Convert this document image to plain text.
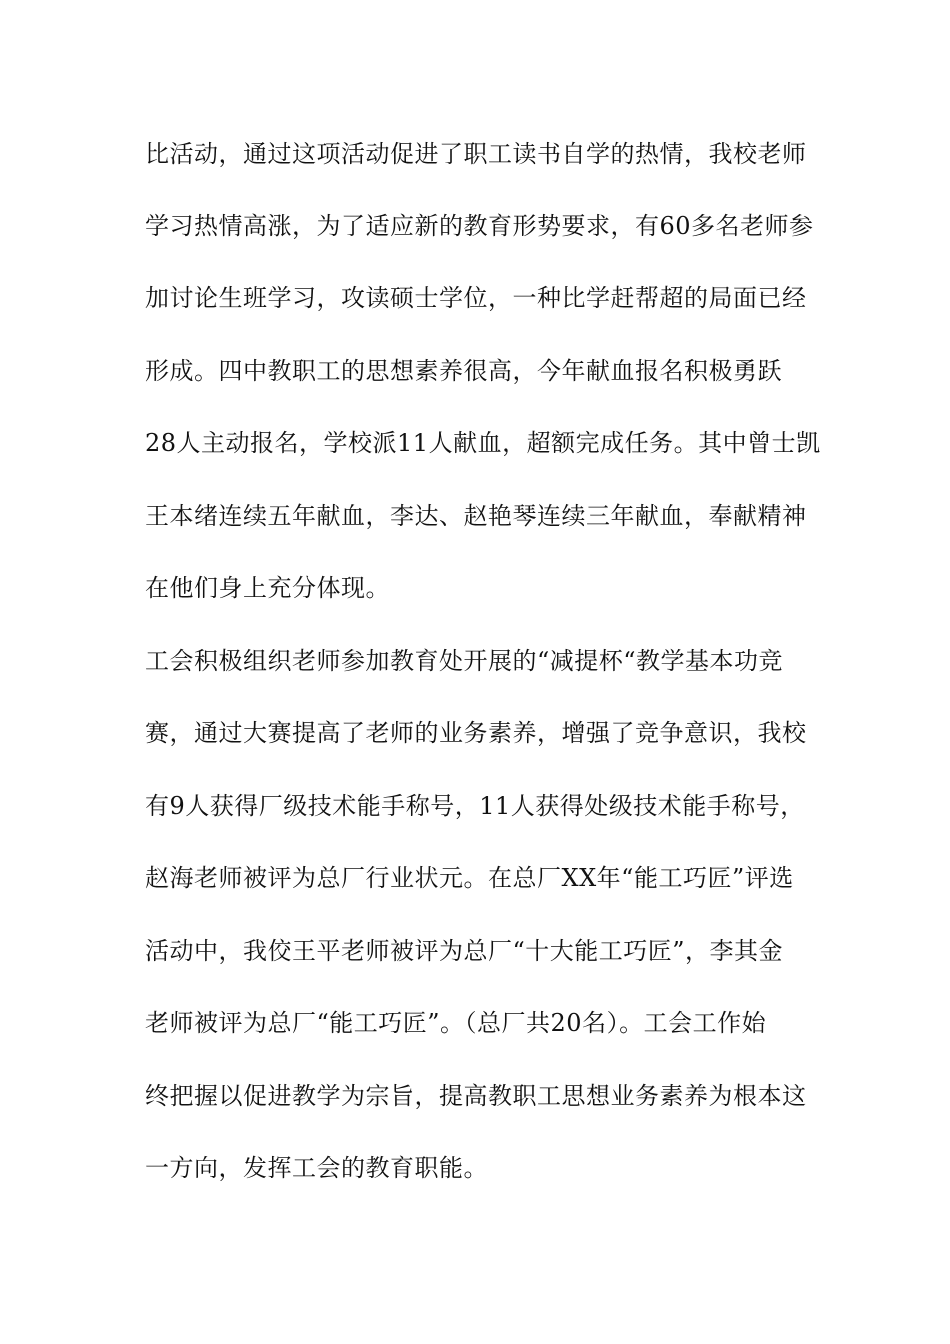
比活动，通过这项活动促进了职工读书自学的热情，我校老师
学习热情高涨，为了适应新的教育形势要求，有60多名老师参
加讨论生班学习，攻读硕士学位，一种比学赶帮超的局面已经
形成。四中教职工的思想素养很高，今年献血报名积极勇跃
28人主动报名，学校派11人献血，超额完成任务。其中曾士凯
王本绪连续五年献血，李达、赵艳琴连续三年献血，奉献精神
在他们身上充分体现。
工会积极组织老师参加教育处开展的“减提杯“教学基本功竞
赛，通过大赛提高了老师的业务素养，增强了竞争意识，我校
有9人获得厂级技术能手称号，11人获得处级技术能手称号，
赵海老师被评为总厂行业状元。在总厂XX年“能工巧匠”评选
活动中，我佼王平老师被评为总厂“十大能工巧匠”，李其金
老师被评为总厂“能工巧匠”。（总厂共20名）。工会工作始
终把握以促进教学为宗旨，提高教职工思想业务素养为根本这
一方向，发挥工会的教育职能。
